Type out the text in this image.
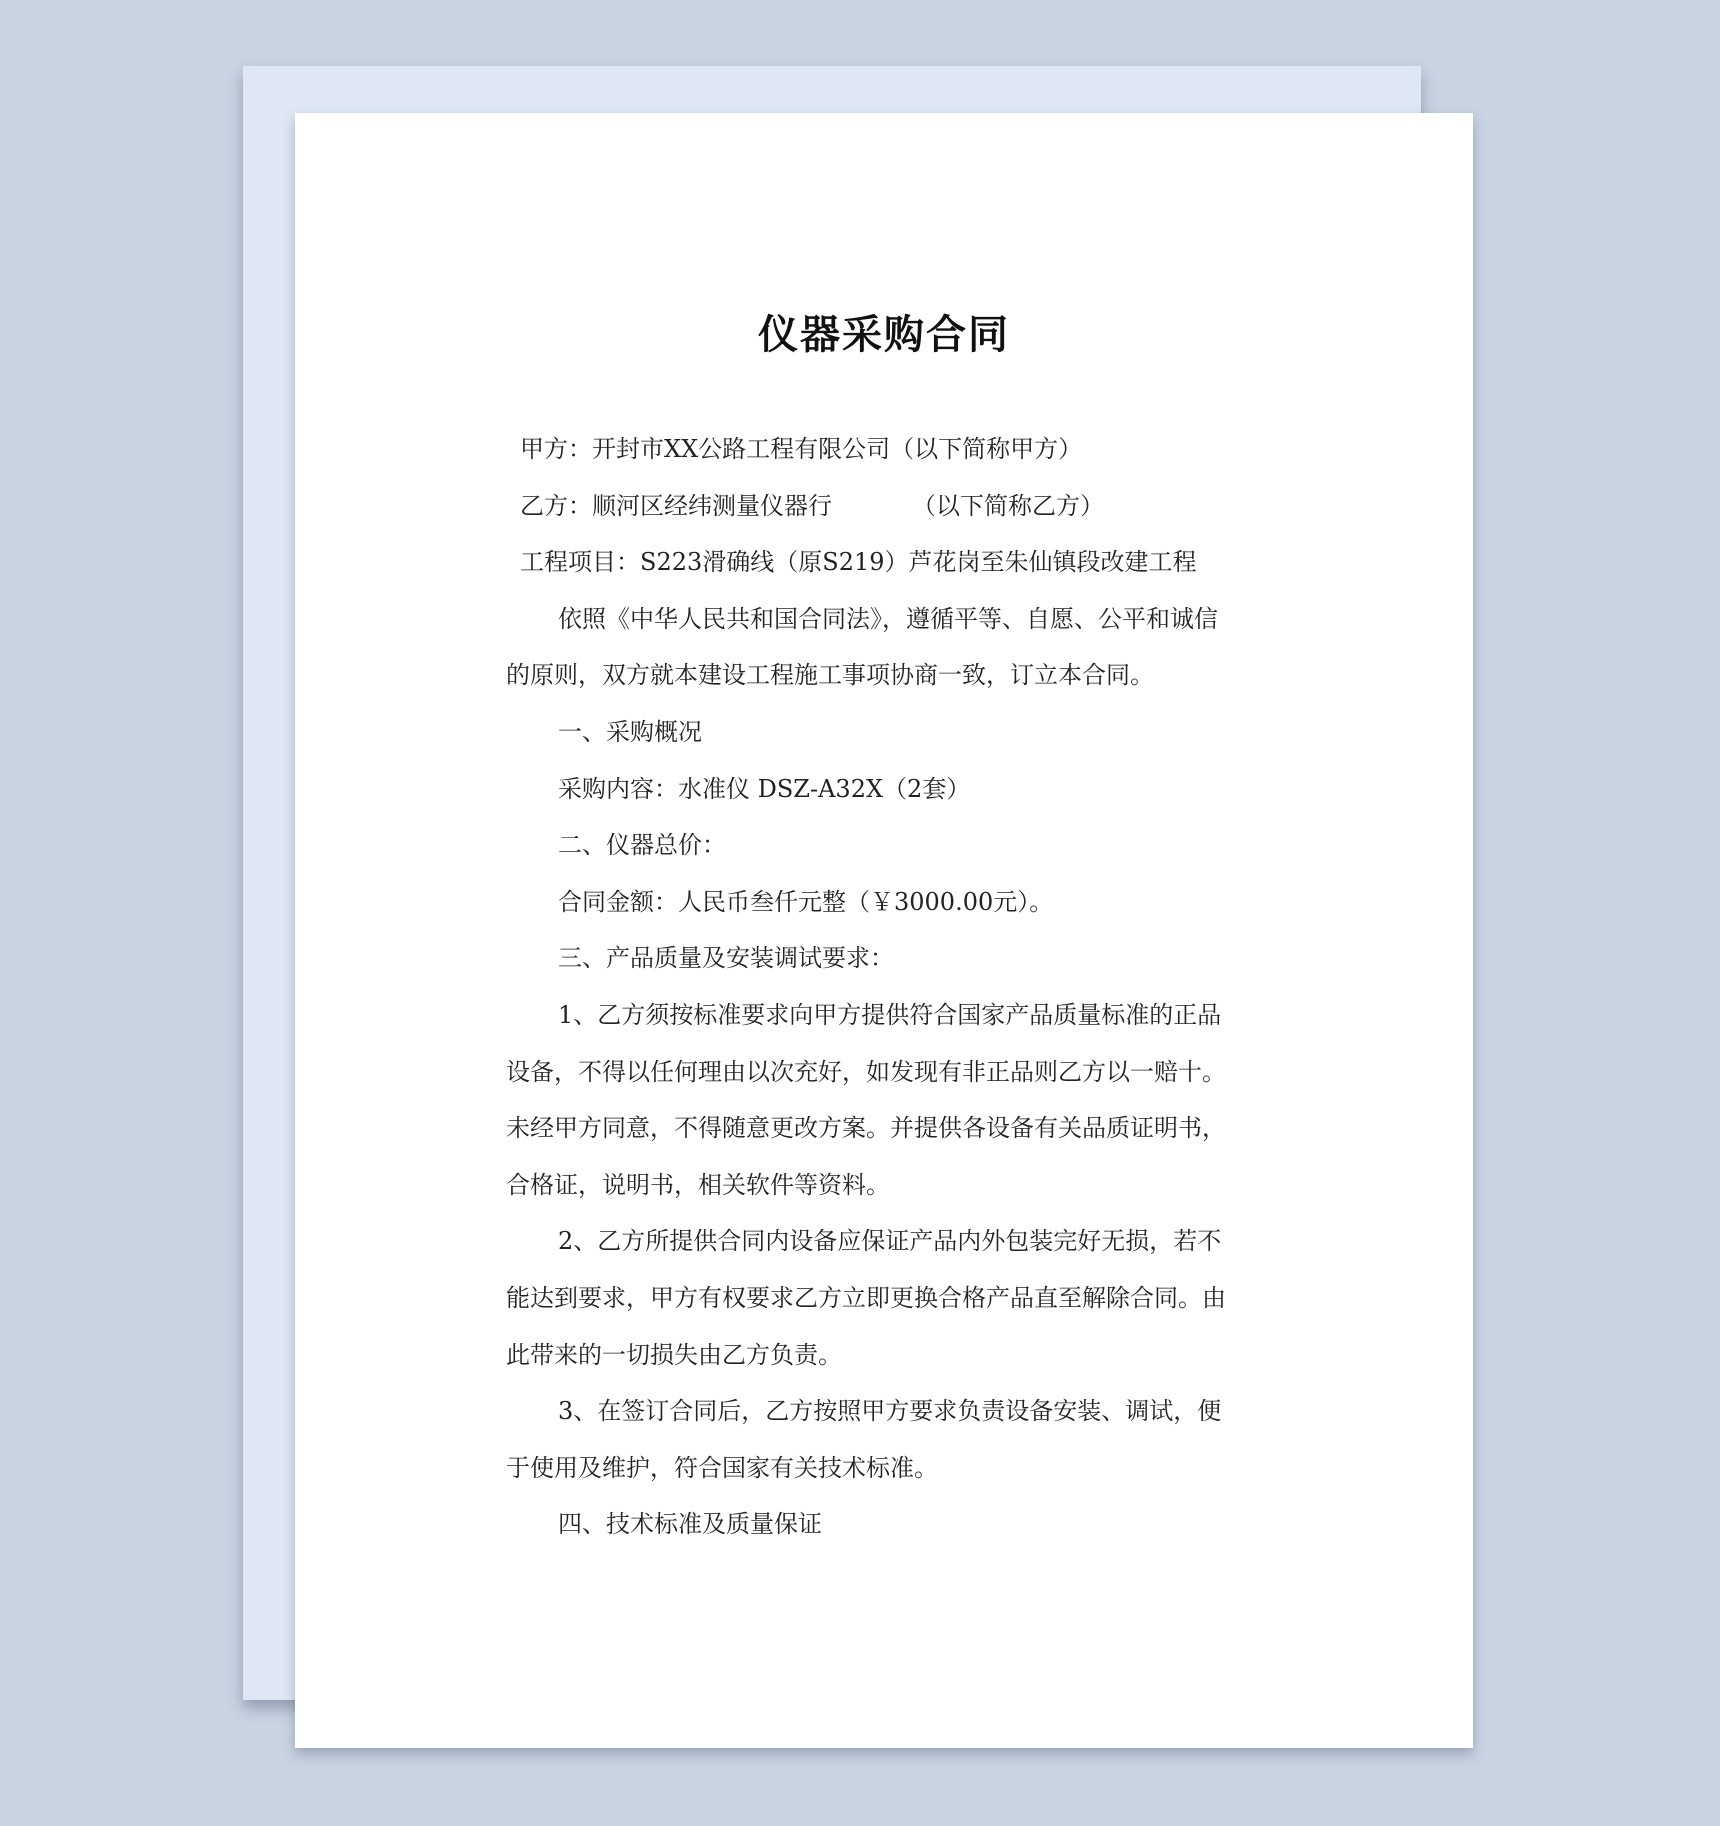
仪器采购合同

甲方：开封市XX公路工程有限公司（以下简称甲方）

乙方：顺河区经纬测量仪器行	（以下简称乙方）

工程项目：S223滑确线（原S219）芦花岗至朱仙镇段改建工程

依照《中华人民共和国合同法》，遵循平等、自愿、公平和诚信

的原则，双方就本建设工程施工事项协商一致，订立本合同。

一、采购概况

采购内容：水准仪 DSZ-A32X（2套）

二、仪器总价：

合同金额：人民币叁仟元整（￥3000.00元）。

三、产品质量及安装调试要求：

1、乙方须按标准要求向甲方提供符合国家产品质量标准的正品

设备，不得以任何理由以次充好，如发现有非正品则乙方以一赔十。

未经甲方同意，不得随意更改方案。并提供各设备有关品质证明书，

合格证，说明书，相关软件等资料。

2、乙方所提供合同内设备应保证产品内外包装完好无损，若不

能达到要求，甲方有权要求乙方立即更换合格产品直至解除合同。由

此带来的一切损失由乙方负责。

3、在签订合同后，乙方按照甲方要求负责设备安装、调试，便

于使用及维护，符合国家有关技术标准。

四、技术标准及质量保证
